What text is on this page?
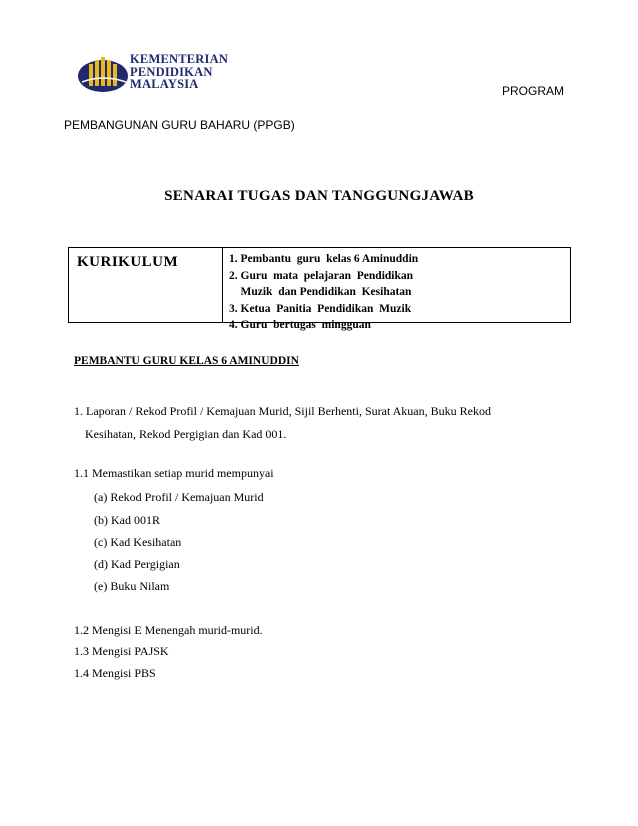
KEMENTERIAN
PENDIDIKAN
MALAYSIA	PROGRAM
PEMBANGUNAN GURU BAHARU (PPGB)
SENARAI TUGAS DAN TANGGUNGJAWAB
KURIKULUM	1. Pembantu  guru  kelas 6 Aminuddin
2. Guru  mata  pelajaran  Pendidikan
Muzik  dan Pendidikan  Kesihatan
3. Ketua  Panitia  Pendidikan  Muzik
4. Guru  bertugas  mingguan
PEMBANTU GURU KELAS 6 AMINUDDIN
1. Laporan / Rekod Profil / Kemajuan Murid, Sijil Berhenti, Surat Akuan, Buku Rekod
Kesihatan, Rekod Pergigian dan Kad 001.
1.1 Memastikan setiap murid mempunyai
(a) Rekod Profil / Kemajuan Murid
(b) Kad 001R
(c) Kad Kesihatan
(d) Kad Pergigian
(e) Buku Nilam
1.2 Mengisi E Menengah murid-murid.
1.3 Mengisi PAJSK
1.4 Mengisi PBS
